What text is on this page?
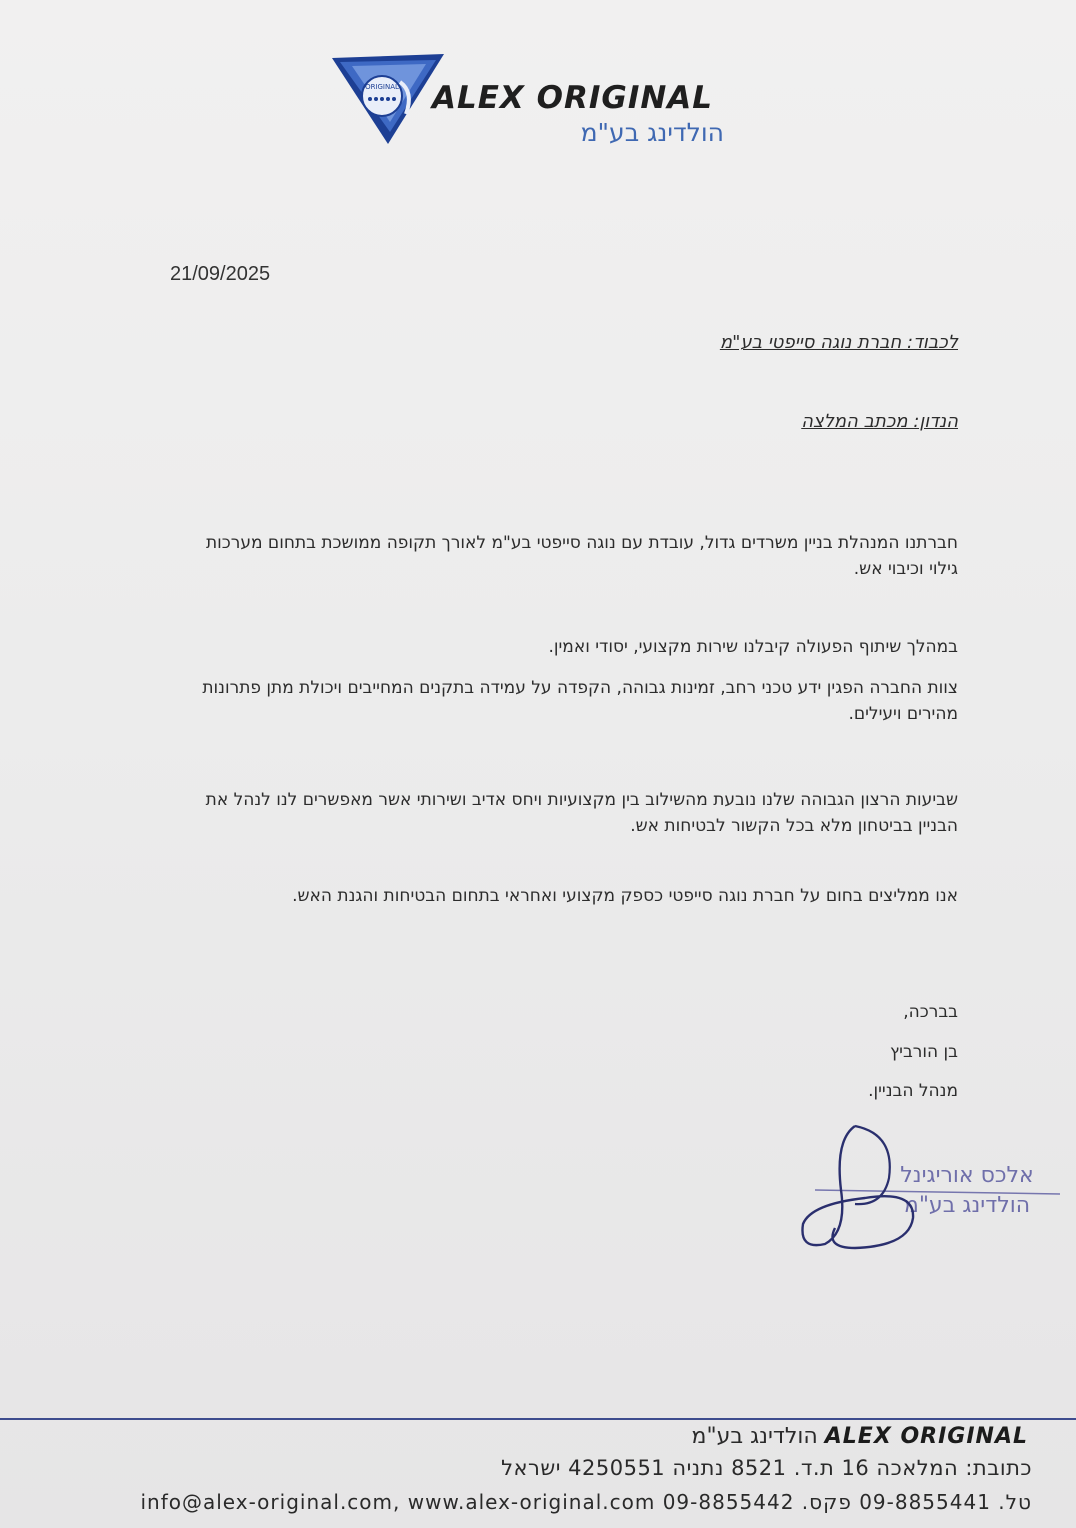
ORIGINAL ALEX ORIGINAL
הולדינג בע"מ
21/09/2025
לכבוד: חברת נוגה סייפטי בע"מ
הנדון: מכתב המלצה
חברתנו המנהלת בניין משרדים גדול, עובדת עם נוגה סייפטי בע"מ לאורך תקופה ממושכת בתחום מערכות גילוי וכיבוי אש.
במהלך שיתוף הפעולה קיבלנו שירות מקצועי, יסודי ואמין.
צוות החברה הפגין ידע טכני רחב, זמינות גבוהה, הקפדה על עמידה בתקנים המחייבים ויכולת מתן פתרונות מהירים ויעילים.
שביעות הרצון הגבוהה שלנו נובעת מהשילוב בין מקצועיות ויחס אדיב ושירותי אשר מאפשרים לנו לנהל את הבניין בביטחון מלא בכל הקשור לבטיחות אש.
אנו ממליצים בחום על חברת נוגה סייפטי כספק מקצועי ואחראי בתחום הבטיחות והגנת האש.
בברכה,
בן הורביץ
מנהל הבניין.
אלכס אוריגינל
הולדינג בע"מ
ALEX ORIGINAL הולדינג בע"מ
כתובת: המלאכה 16 ת.ד. 8521 נתניה 4250551 ישראל
טל. 09-8855441 פקס. 09-8855442 info@alex-original.com, www.alex-original.com
